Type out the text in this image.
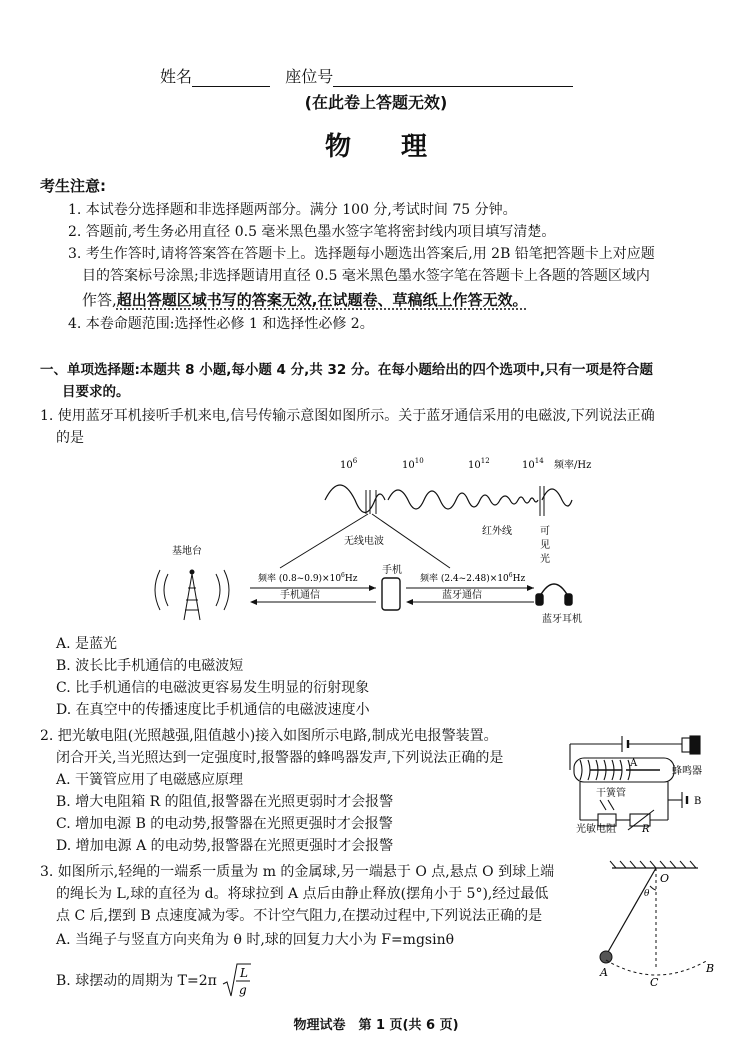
姓名	座位号
(在此卷上答题无效)
物理
考生注意:
1. 本试卷分选择题和非选择题两部分。满分 100 分,考试时间 75 分钟。
2. 答题前,考生务必用直径 0.5 毫米黑色墨水签字笔将密封线内项目填写清楚。
3. 考生作答时,请将答案答在答题卡上。选择题每小题选出答案后,用 2B 铅笔把答题卡上对应题
目的答案标号涂黑;非选择题请用直径 0.5 毫米黑色墨水签字笔在答题卡上各题的答题区域内
作答,超出答题区域书写的答案无效,在试题卷、草稿纸上作答无效。
4. 本卷命题范围:选择性必修 1 和选择性必修 2。
一、单项选择题:本题共 8 小题,每小题 4 分,共 32 分。在每小题给出的四个选项中,只有一项是符合题
目要求的。
1. 使用蓝牙耳机接听手机来电,信号传输示意图如图所示。关于蓝牙通信采用的电磁波,下列说法正确
的是
$10^6$	$10^{10}$	$10^{12}$	$10^{14}$ 频率/Hz
红外线	可
见
光
无线电波
基地台
手机
频率 $(0.8\sim 0.9)\times 10^6Hz$
手机通信
频率 $(2.4\sim 2.48)\times 10^6Hz$
蓝牙通信
蓝牙耳机
A. 是蓝光
B. 波长比手机通信的电磁波短
C. 比手机通信的电磁波更容易发生明显的衍射现象
D. 在真空中的传播速度比手机通信的电磁波速度小
2. 把光敏电阻(光照越强,阻值越小)接入如图所示电路,制成光电报警装置。
闭合开关,当光照达到一定强度时,报警器的蜂鸣器发声,下列说法正确的是
A. 干簧管应用了电磁感应原理
B. 增大电阻箱 R 的阻值,报警器在光照更弱时才会报警
C. 增加电源 B 的电动势,报警器在光照更强时才会报警
D. 增加电源 A 的电动势,报警器在光照更强时才会报警
A
蜂鸣器
干簧管
B
光敏电阻	R
3. 如图所示,轻绳的一端系一质量为 m 的金属球,另一端悬于 O 点,悬点 O 到球上端
的绳长为 L,球的直径为 d。将球拉到 A 点后由静止释放(摆角小于 5°),经过最低
点 C 后,摆到 B 点速度减为零。不计空气阻力,在摆动过程中,下列说法正确的是
A. 当绳子与竖直方向夹角为 θ 时,球的回复力大小为 F=mgsinθ
B. 球摆动的周期为 T=2π L
g
O
θ
A
C
B
物理试卷　第 1 页(共 6 页)
